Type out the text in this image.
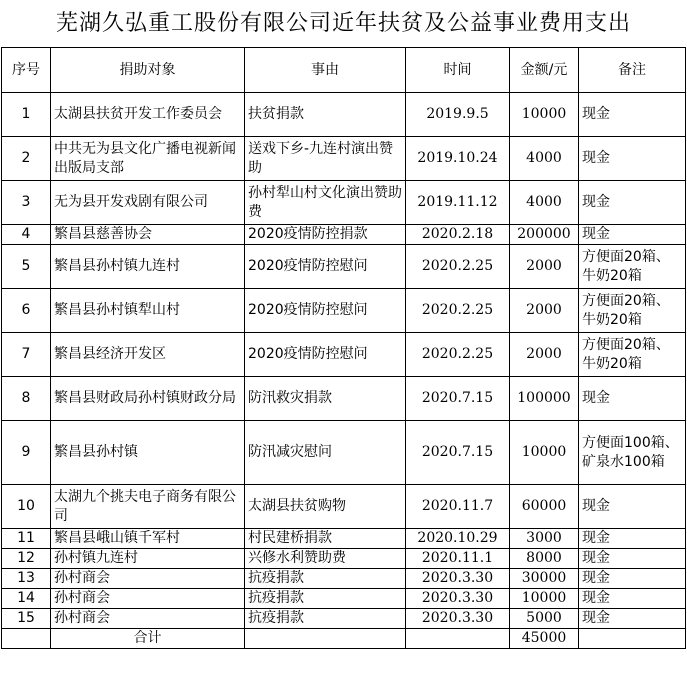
芜湖久弘重工股份有限公司近年扶贫及公益事业费用支出
序号	捐助对象	事由	时间	金额/元	备注
1	太湖县扶贫开发工作委员会	扶贫捐款	2019.9.5	10000	现金
2	中共无为县文化广播电视新闻出版局支部	送戏下乡-九连村演出赞助	2019.10.24	4000	现金
3	无为县开发戏剧有限公司	孙村犁山村文化演出赞助费	2019.11.12	4000	现金
4	繁昌县慈善协会	2020疫情防控捐款	2020.2.18	200000	现金
5	繁昌县孙村镇九连村	2020疫情防控慰问	2020.2.25	2000	方便面20箱、牛奶20箱
6	繁昌县孙村镇犁山村	2020疫情防控慰问	2020.2.25	2000	方便面20箱、牛奶20箱
7	繁昌县经济开发区	2020疫情防控慰问	2020.2.25	2000	方便面20箱、牛奶20箱
8	繁昌县财政局孙村镇财政分局	防汛救灾捐款	2020.7.15	100000	现金
9	繁昌县孙村镇	防汛减灾慰问	2020.7.15	10000	方便面100箱、矿泉水100箱
10	太湖九个挑夫电子商务有限公司	太湖县扶贫购物	2020.11.7	60000	现金
11	繁昌县峨山镇千军村	村民建桥捐款	2020.10.29	3000	现金
12	孙村镇九连村	兴修水利赞助费	2020.11.1	8000	现金
13	孙村商会	抗疫捐款	2020.3.30	30000	现金
14	孙村商会	抗疫捐款	2020.3.30	10000	现金
15	孙村商会	抗疫捐款	2020.3.30	5000	现金
	合计			45000	
